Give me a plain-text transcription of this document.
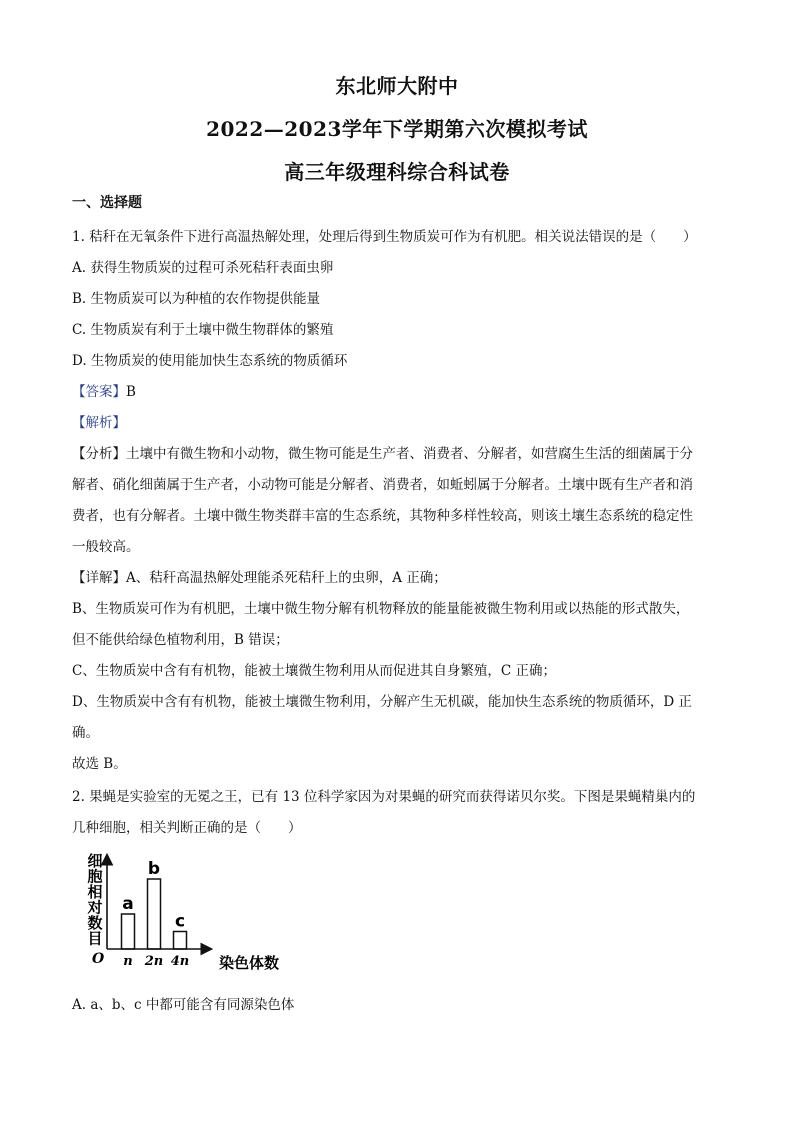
东北师大附中
2022—2023学年下学期第六次模拟考试
高三年级理科综合科试卷
一、选择题
1. 秸秆在无氧条件下进行高温热解处理，处理后得到生物质炭可作为有机肥。相关说法错误的是（　　）
A. 获得生物质炭的过程可杀死秸秆表面虫卵
B. 生物质炭可以为种植的农作物提供能量
C. 生物质炭有利于土壤中微生物群体的繁殖
D. 生物质炭的使用能加快生态系统的物质循环
【答案】B
【解析】
【分析】土壤中有微生物和小动物，微生物可能是生产者、消费者、分解者，如营腐生生活的细菌属于分
解者、硝化细菌属于生产者，小动物可能是分解者、消费者，如蚯蚓属于分解者。土壤中既有生产者和消
费者，也有分解者。土壤中微生物类群丰富的生态系统，其物种多样性较高，则该土壤生态系统的稳定性
一般较高。
【详解】A、秸秆高温热解处理能杀死秸秆上的虫卵，A 正确；
B、生物质炭可作为有机肥，土壤中微生物分解有机物释放的能量能被微生物利用或以热能的形式散失，
但不能供给绿色植物利用，B 错误；
C、生物质炭中含有有机物，能被土壤微生物利用从而促进其自身繁殖，C 正确；
D、生物质炭中含有有机物，能被土壤微生物利用，分解产生无机碳，能加快生态系统的物质循环，D 正
确。
故选 B。
2. 果蝇是实验室的无冕之王，已有 13 位科学家因为对果蝇的研究而获得诺贝尔奖。下图是果蝇精巢内的
几种细胞，相关判断正确的是（　　）
细胞相对数目
O	染色体数
a
n
b
2n
c
4n
A. a、b、c 中都可能含有同源染色体
